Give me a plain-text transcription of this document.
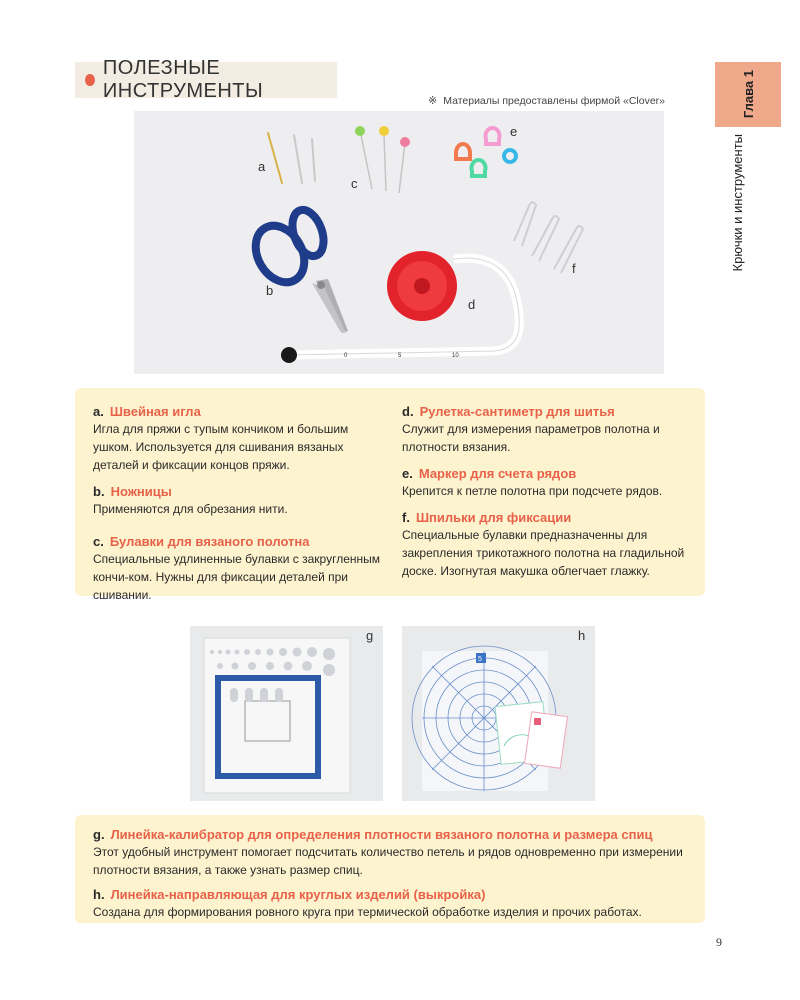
ПОЛЕЗНЫЕ ИНСТРУМЕНТЫ	※ Материалы предоставлены фирмой «Clover»	Глава 1
Крючки и инструменты
a
c
e
f
b
d
0	5	10
a. Швейная игла
Игла для пряжи с тупым кончиком и большим ушком. Используется для сшивания вязаных деталей и фиксации концов пряжи.
b. Ножницы
Применяются для обрезания нити.
c. Булавки для вязаного полотна
Специальные удлиненные булавки с закругленным кончи-ком. Нужны для фиксации деталей при сшивании.
d. Рулетка-сантиметр для шитья
Служит для измерения параметров полотна и плотности вязания.
e. Маркер для счета рядов
Крепится к петле полотна при подсчете рядов.
f. Шпильки для фиксации
Специальные булавки предназначенны для закрепления трикотажного полотна на гладильной доске. Изогнутая макушка облегчает глажку.
g
5
h
g. Линейка-калибратор для определения плотности вязаного полотна и размера спиц
Этот удобный инструмент помогает подсчитать количество петель и рядов одновременно при измерении плотности вязания, а также узнать размер спиц.
h. Линейка-направляющая для круглых изделий (выкройка)
Создана для формирования ровного круга при термической обработке изделия и прочих работах.
9
